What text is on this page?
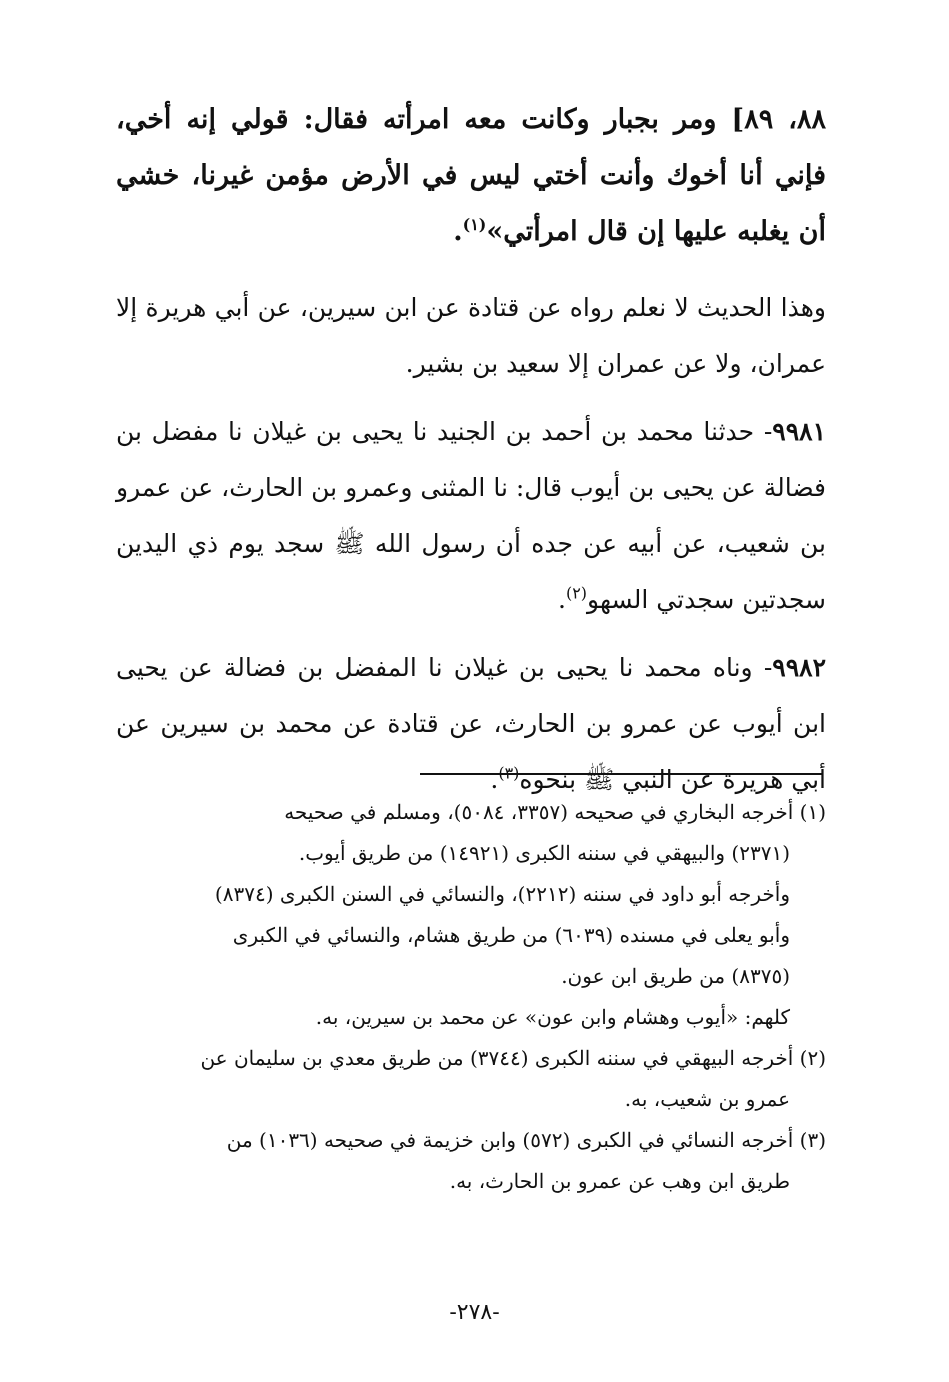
٨٨، ٨٩] ومر بجبار وكانت معه امرأته فقال: قولي إنه أخي، فإني أنا أخوك وأنت أختي ليس في الأرض مؤمن غيرنا، خشي أن يغلبه عليها إن قال امرأتي»$^{(١)}$.

وهذا الحديث لا نعلم رواه عن قتادة عن ابن سيرين، عن أبي هريرة إلا عمران، ولا عن عمران إلا سعيد بن بشير.

٩٩٨١- حدثنا محمد بن أحمد بن الجنيد نا يحيى بن غيلان نا مفضل بن فضالة عن يحيى بن أيوب قال: نا المثنى وعمرو بن الحارث، عن عمرو بن شعيب، عن أبيه عن جده أن رسول الله ﷺ سجد يوم ذي اليدين سجدتين سجدتي السهو$^{(٢)}$.

٩٩٨٢- وناه محمد نا يحيى بن غيلان نا المفضل بن فضالة عن يحيى ابن أيوب عن عمرو بن الحارث، عن قتادة عن محمد بن سيرين عن أبي هريرة عن النبي ﷺ بنحوه$^{(٣)}$.

(١) أخرجه البخاري في صحيحه (٣٣٥٧، ٥٠٨٤)، ومسلم في صحيحه
(٢٣٧١) والبيهقي في سننه الكبرى (١٤٩٢١) من طريق أيوب.
وأخرجه أبو داود في سننه (٢٢١٢)، والنسائي في السنن الكبرى (٨٣٧٤)
وأبو يعلى في مسنده (٦٠٣٩) من طريق هشام، والنسائي في الكبرى
(٨٣٧٥) من طريق ابن عون.
كلهم: «أيوب وهشام وابن عون» عن محمد بن سيرين، به.
(٢) أخرجه البيهقي في سننه الكبرى (٣٧٤٤) من طريق معدي بن سليمان عن
عمرو بن شعيب، به.
(٣) أخرجه النسائي في الكبرى (٥٧٢) وابن خزيمة في صحيحه (١٠٣٦) من
طريق ابن وهب عن عمرو بن الحارث، به.
-٢٧٨-
